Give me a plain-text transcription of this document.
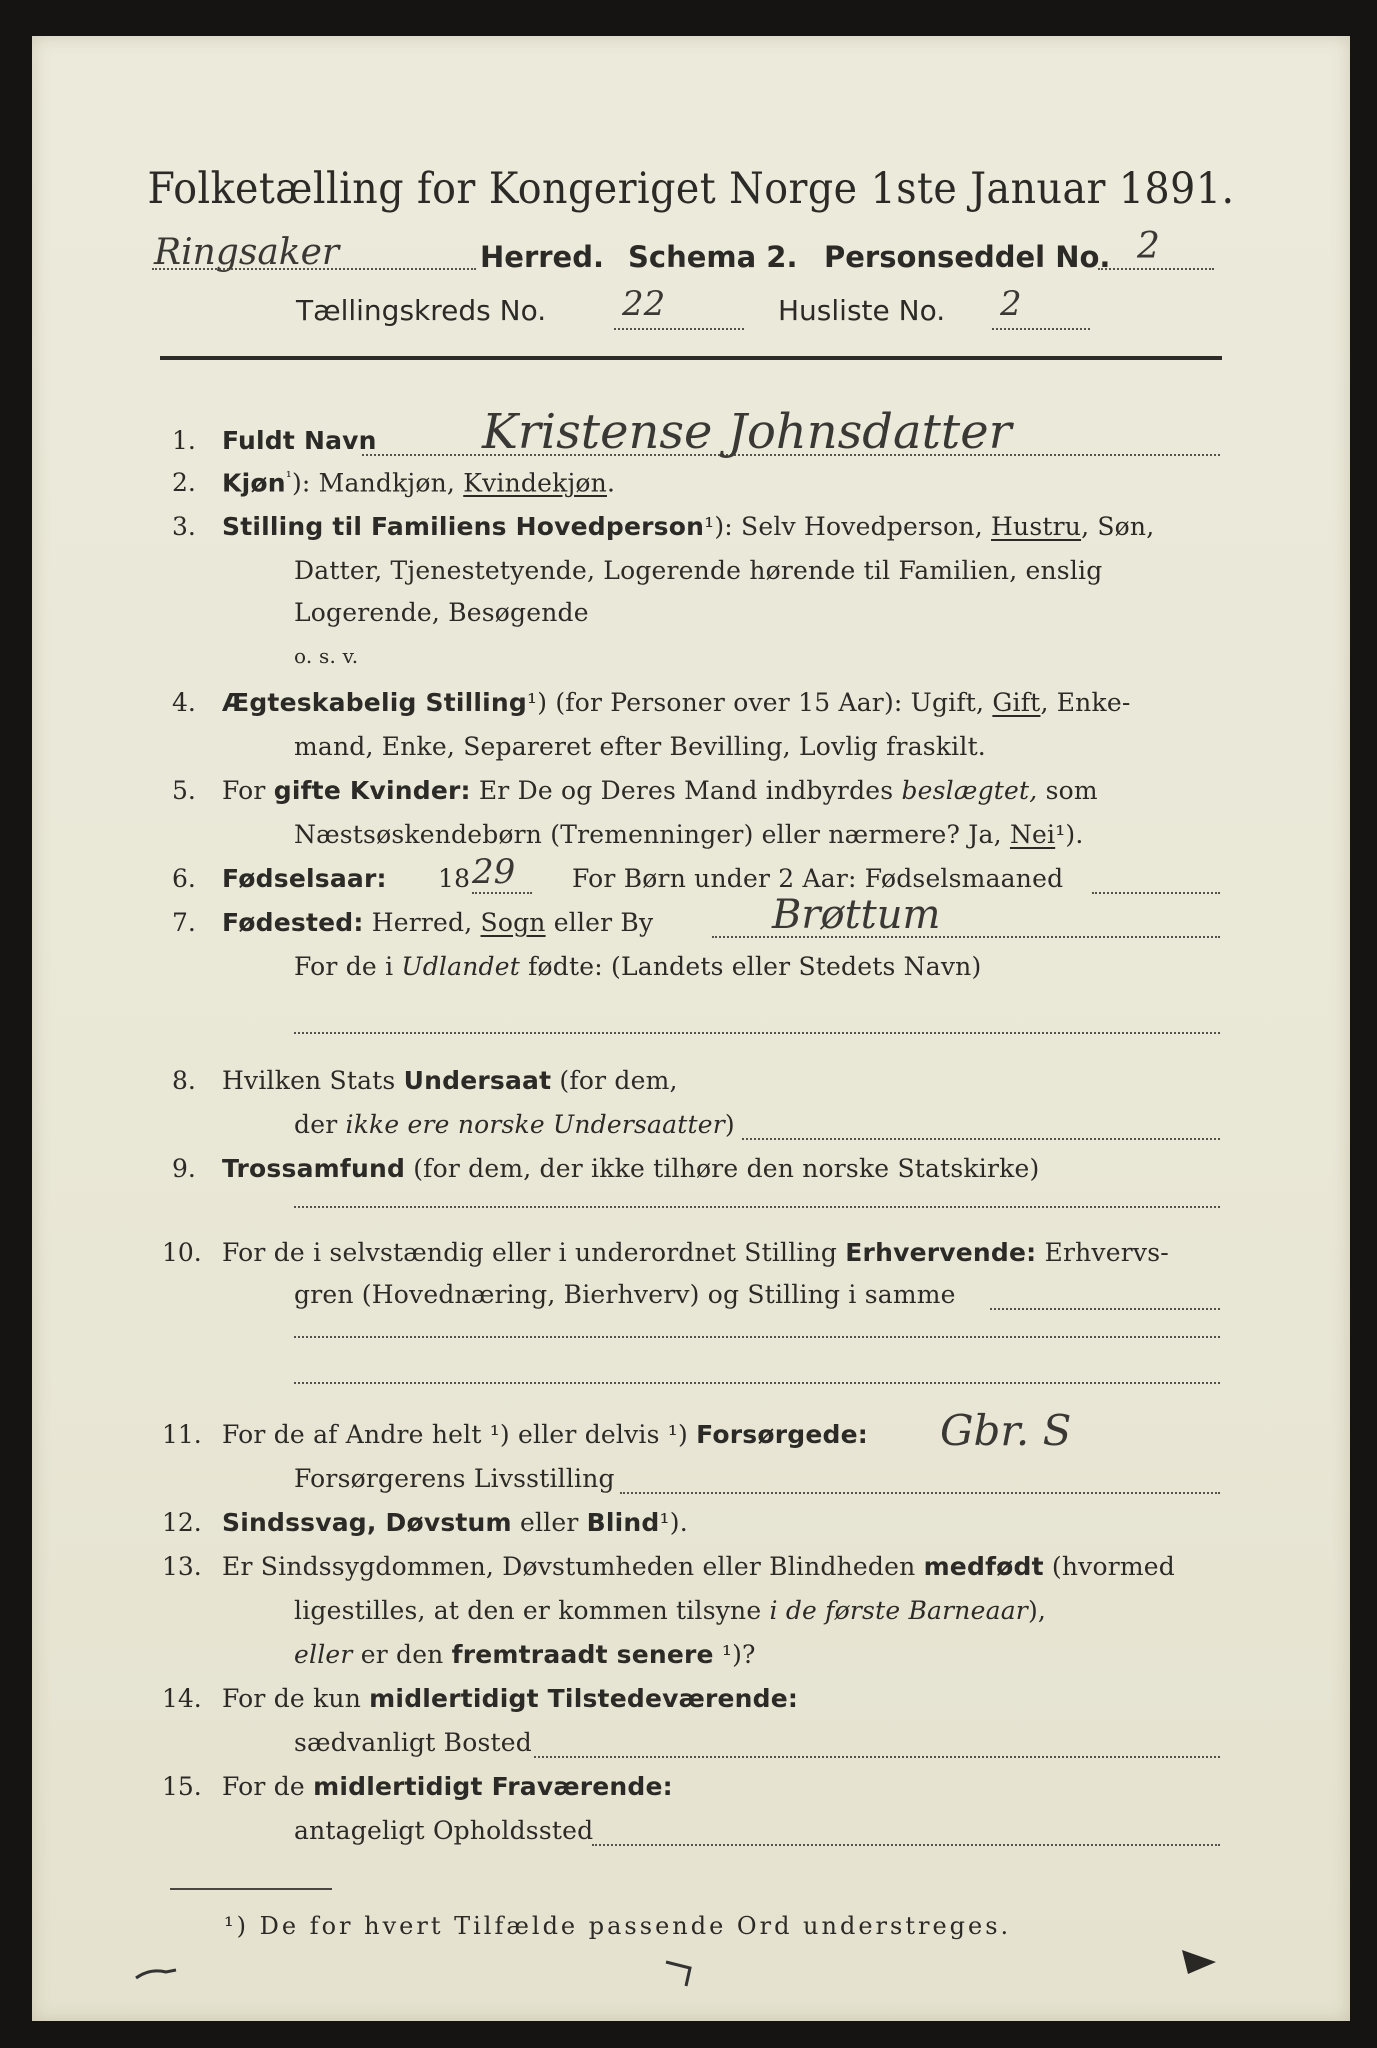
Folketælling for Kongeriget Norge 1ste Januar 1891.
Ringsaker	Herred. Schema 2. Personseddel No. 2
Tællingskreds No. 22	Husliste No. 2
1. Fuldt Navn Kristense Johnsdatter
2. Kjøn$^{^1}$): Mandkjøn, Kvindekjøn.
3. Stilling til Familiens Hovedperson¹): Selv Hovedperson, Hustru, Søn,
Datter, Tjenestetyende, Logerende hørende til Familien, enslig
Logerende, Besøgende
o. s. v.
4. Ægteskabelig Stilling¹) (for Personer over 15 Aar): Ugift, Gift, Enke-
mand, Enke, Separeret efter Bevilling, Lovlig fraskilt.
5. For gifte Kvinder: Er De og Deres Mand indbyrdes beslægtet, som
Næstsøskendebørn (Tremenninger) eller nærmere? Ja, Nei¹).
6. Fødselsaar: 18 29 For Børn under 2 Aar: Fødselsmaaned
7. Fødested: Herred, Sogn eller By	Brøttum
For de i Udlandet fødte: (Landets eller Stedets Navn)
8. Hvilken Stats Undersaat (for dem,
der ikke ere norske Undersaatter)
9. Trossamfund (for dem, der ikke tilhøre den norske Statskirke)
10. For de i selvstændig eller i underordnet Stilling Erhvervende: Erhvervs-
gren (Hovednæring, Bierhverv) og Stilling i samme
11. For de af Andre helt ¹) eller delvis ¹) Forsørgede: Gbr. S
Forsørgerens Livsstilling
12. Sindssvag, Døvstum eller Blind¹).
13. Er Sindssygdommen, Døvstumheden eller Blindheden medfødt (hvormed
ligestilles, at den er kommen tilsyne i de første Barneaar),
eller er den fremtraadt senere ¹)?
14. For de kun midlertidigt Tilstedeværende:
sædvanligt Bosted
15. For de midlertidigt Fraværende:
antageligt Opholdssted
¹) De for hvert Tilfælde passende Ord understreges.
